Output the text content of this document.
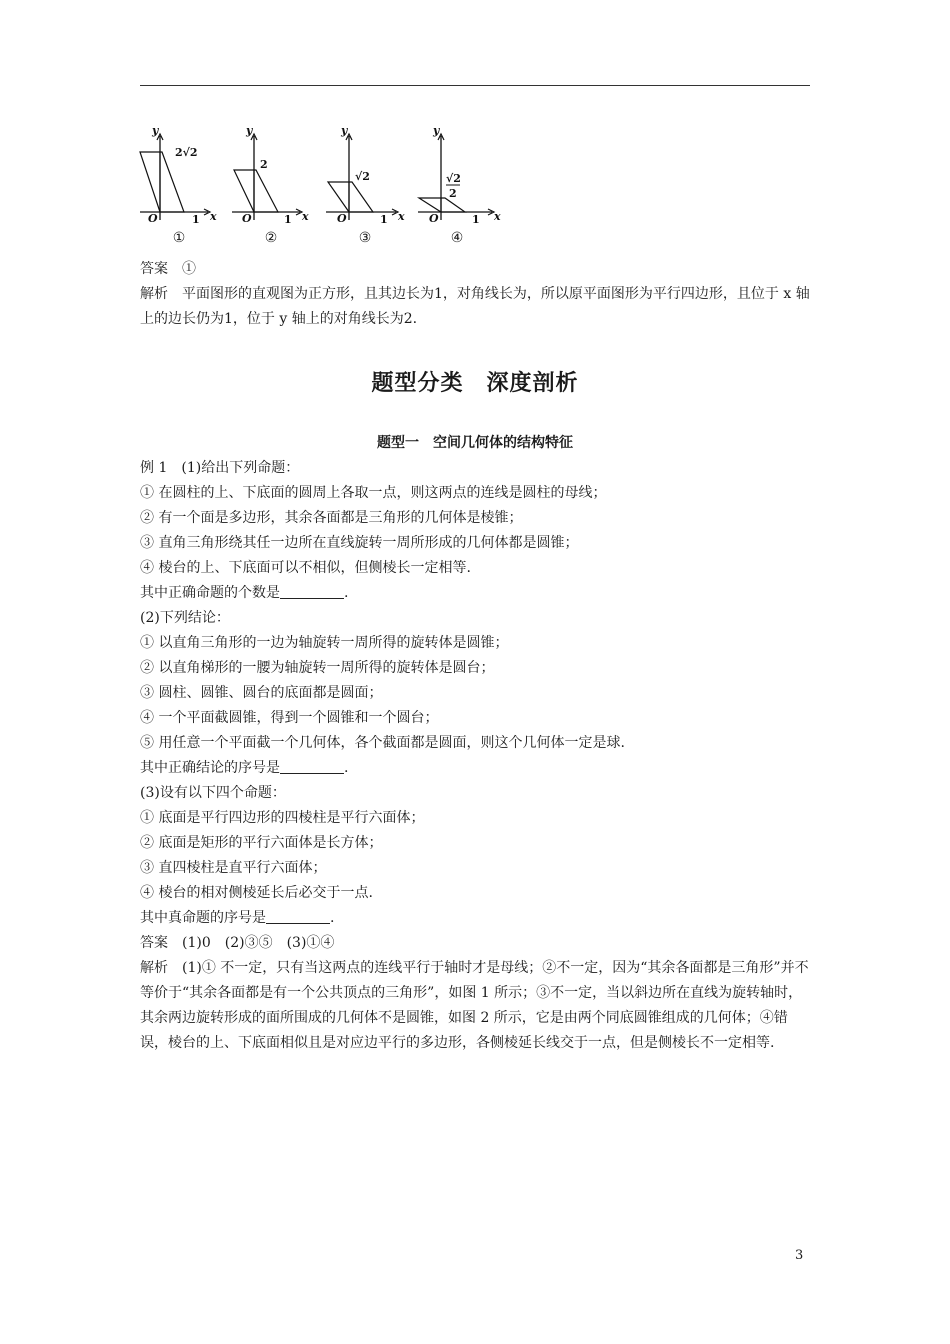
y
x
O	1
2√2
①
y
x
O	1
2
②
y
x
O	1
√2
③
y
x
O	1
√2
2
④
答案　①
解析　平面图形的直观图为正方形，且其边长为1，对角线长为，所以原平面图形为平行四边形，且位于 x 轴上的边长仍为1，位于 y 轴上的对角线长为2.
题型分类　深度剖析
题型一　空间几何体的结构特征
例 1　(1)给出下列命题：
① 在圆柱的上、下底面的圆周上各取一点，则这两点的连线是圆柱的母线；
② 有一个面是多边形，其余各面都是三角形的几何体是棱锥；
③ 直角三角形绕其任一边所在直线旋转一周所形成的几何体都是圆锥；
④ 棱台的上、下底面可以不相似，但侧棱长一定相等.
其中正确命题的个数是	.
(2)下列结论：
① 以直角三角形的一边为轴旋转一周所得的旋转体是圆锥；
② 以直角梯形的一腰为轴旋转一周所得的旋转体是圆台；
③ 圆柱、圆锥、圆台的底面都是圆面；
④ 一个平面截圆锥，得到一个圆锥和一个圆台；
⑤ 用任意一个平面截一个几何体，各个截面都是圆面，则这个几何体一定是球.
其中正确结论的序号是	.
(3)设有以下四个命题：
① 底面是平行四边形的四棱柱是平行六面体；
② 底面是矩形的平行六面体是长方体；
③ 直四棱柱是直平行六面体；
④ 棱台的相对侧棱延长后必交于一点.
其中真命题的序号是	.
答案　(1)0　(2)③⑤　(3)①④
解析　(1)① 不一定，只有当这两点的连线平行于轴时才是母线；②不一定，因为“其余各面都是三角形”并不等价于“其余各面都是有一个公共顶点的三角形”，如图 1 所示；③不一定，当以斜边所在直线为旋转轴时，其余两边旋转形成的面所围成的几何体不是圆锥，如图 2 所示，它是由两个同底圆锥组成的几何体；④错误，棱台的上、下底面相似且是对应边平行的多边形，各侧棱延长线交于一点，但是侧棱长不一定相等.
3
